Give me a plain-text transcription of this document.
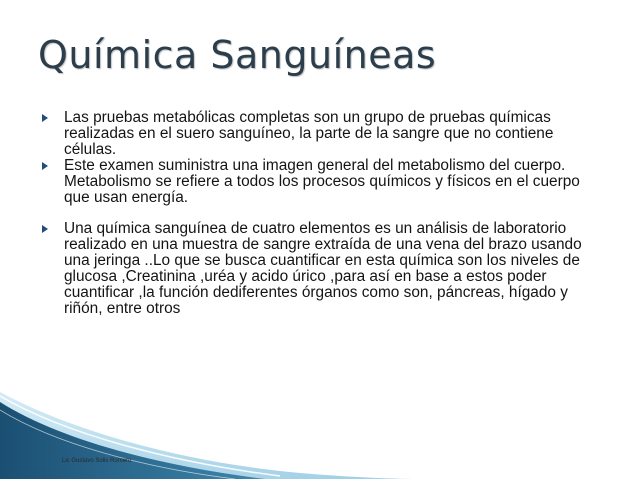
Química Sanguíneas
Las pruebas metabólicas completas son un grupo de pruebas químicas realizadas en el suero sanguíneo, la parte de la sangre que no contiene células.
Este examen suministra una imagen general del metabolismo del cuerpo. Metabolismo se refiere a todos los procesos químicos y físicos en el cuerpo que usan energía.
Una química sanguínea de cuatro elementos es un análisis de laboratorio realizado en una muestra de sangre extraída de una vena del brazo usando una jeringa ..Lo que se busca cuantificar en esta química son los niveles de glucosa ,Creatinina ,uréa y acido úrico ,para así en base a estos poder cuantificar ,la función dediferentes órganos como son, páncreas, hígado y riñón, entre otros
Lic Gustavo Solis Romero
